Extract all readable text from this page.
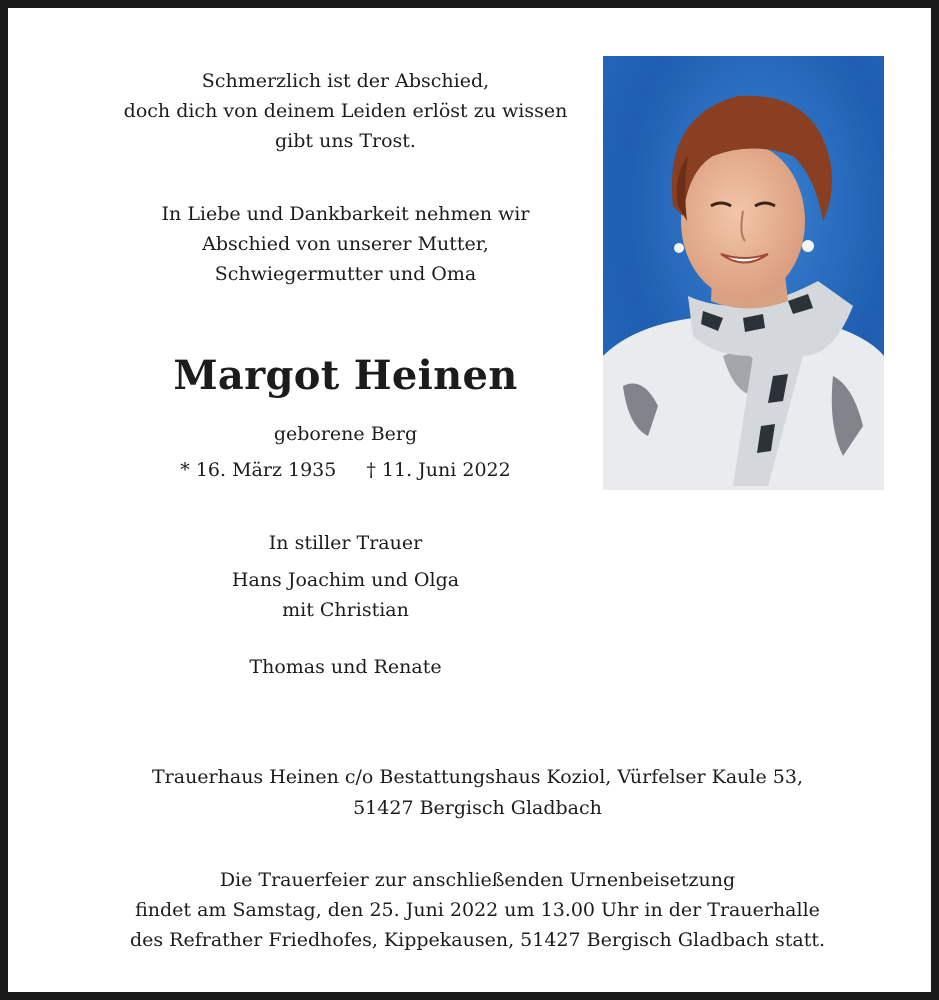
Schmerzlich ist der Abschied,
doch dich von deinem Leiden erlöst zu wissen
gibt uns Trost.
In Liebe und Dankbarkeit nehmen wir
Abschied von unserer Mutter,
Schwiegermutter und Oma
Margot Heinen
geborene Berg
* 16. März 1935 † 11. Juni 2022
In stiller Trauer
Hans Joachim und Olga
mit Christian
Thomas und Renate
Trauerhaus Heinen c/o Bestattungshaus Koziol, Vürfelser Kaule 53,
51427 Bergisch Gladbach
Die Trauerfeier zur anschließenden Urnenbeisetzung
findet am Samstag, den 25. Juni 2022 um 13.00 Uhr in der Trauerhalle
des Refrather Friedhofes, Kippekausen, 51427 Bergisch Gladbach statt.
